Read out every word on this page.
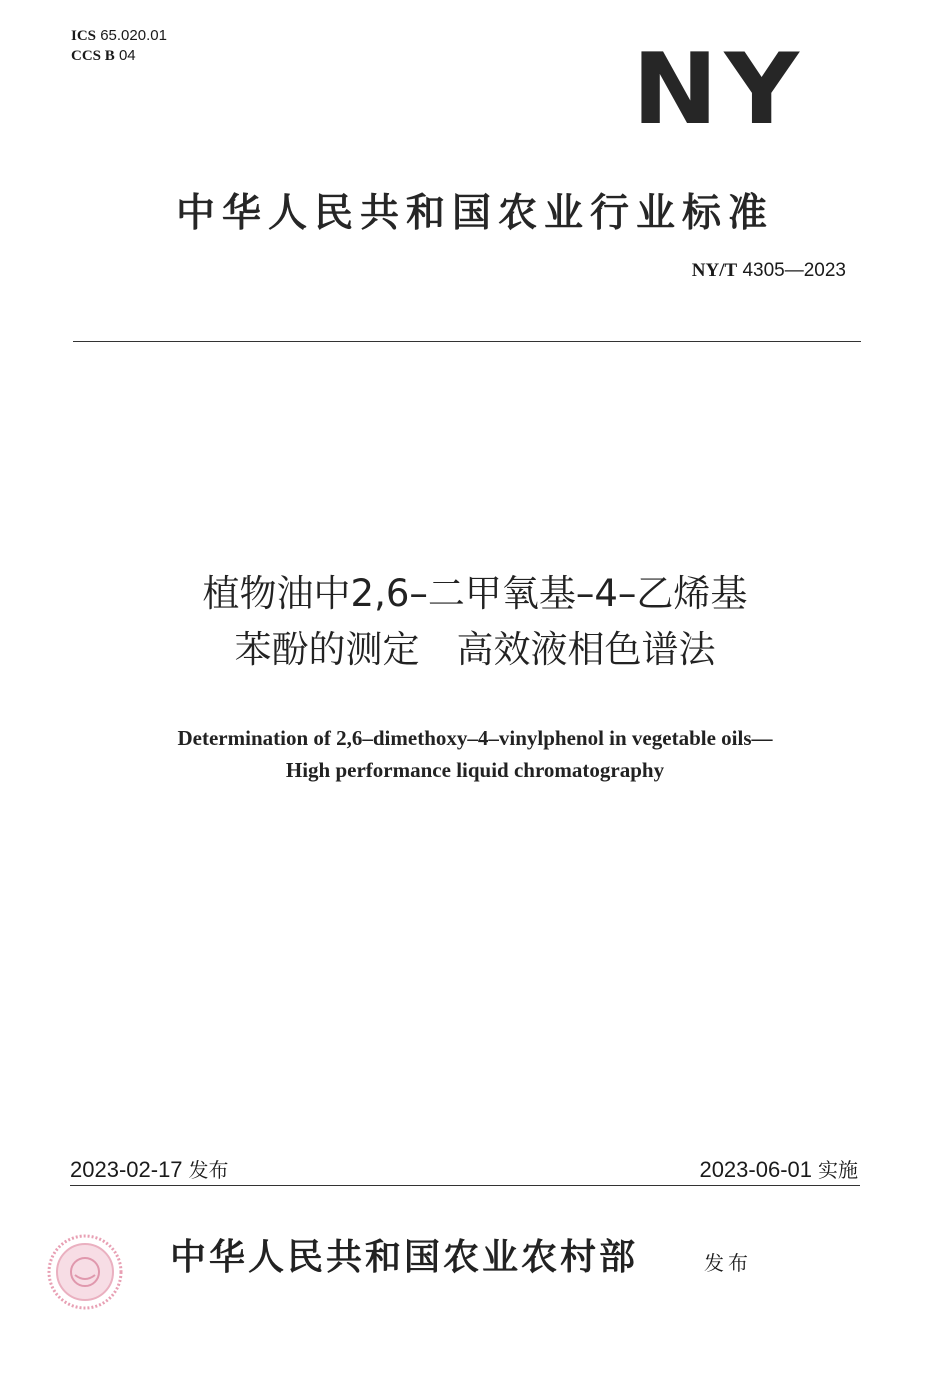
ICS 65.020.01
CCS B 04	NY
中华人民共和国农业行业标准
NY/T 4305—2023
植物油中2,6–二甲氧基–4–乙烯基
苯酚的测定　高效液相色谱法
Determination of 2,6–dimethoxy–4–vinylphenol in vegetable oils—
High performance liquid chromatography
2023-02-17 发布	2023-06-01 实施
中华人民共和国农业农村部	发布
